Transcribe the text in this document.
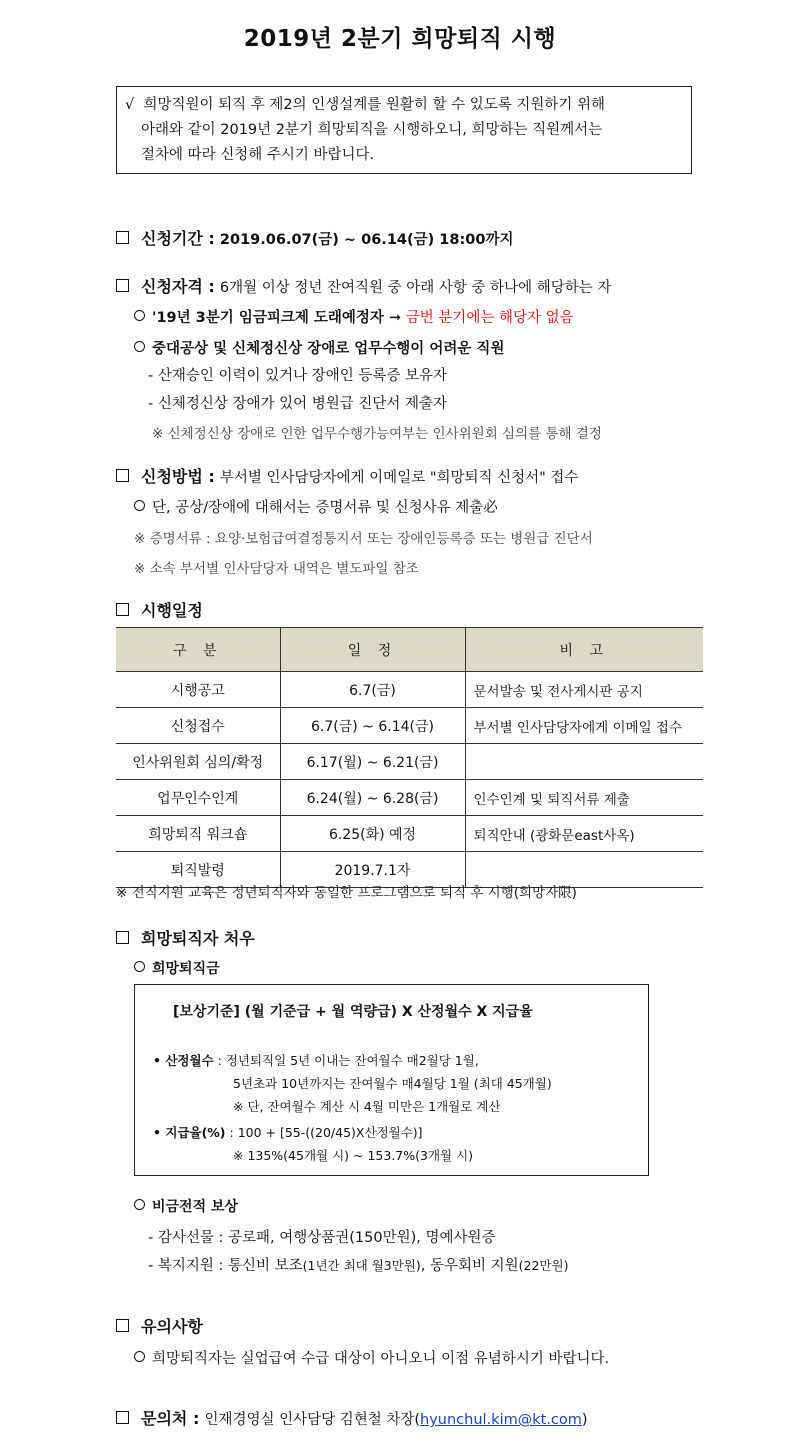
2019년 2분기 희망퇴직 시행
√ 희망직원이 퇴직 후 제2의 인생설계를 원활히 할 수 있도록 지원하기 위해
아래와 같이 2019년 2분기 희망퇴직을 시행하오니, 희망하는 직원께서는
절차에 따라 신청해 주시기 바랍니다.
신청기간 : 2019.06.07(금) ~ 06.14(금) 18:00까지
신청자격 : 6개월 이상 정년 잔여직원 중 아래 사항 중 하나에 해당하는 자
'19년 3분기 임금피크제 도래예정자 ➞ 금번 분기에는 해당자 없음
중대공상 및 신체정신상 장애로 업무수행이 어려운 직원
- 산재승인 이력이 있거나 장애인 등록증 보유자
- 신체정신상 장애가 있어 병원급 진단서 제출자
※ 신체정신상 장애로 인한 업무수행가능여부는 인사위원회 심의를 통해 결정
신청방법 : 부서별 인사담당자에게 이메일로 "희망퇴직 신청서" 접수
단, 공상/장애에 대해서는 증명서류 및 신청사유 제출必
※ 증명서류 : 요양·보험급여결정통지서 또는 장애인등록증 또는 병원급 진단서
※ 소속 부서별 인사담당자 내역은 별도파일 참조
시행일정
구 분	일 정	비 고
시행공고	6.7(금)	문서발송 및 전사게시판 공지
신청접수	6.7(금) ~ 6.14(금)	부서별 인사담당자에게 이메일 접수
인사위원회 심의/확정	6.17(월) ~ 6.21(금)	
업무인수인계	6.24(월) ~ 6.28(금)	인수인계 및 퇴직서류 제출
희망퇴직 워크숍	6.25(화) 예정	퇴직안내 (광화문east사옥)
퇴직발령	2019.7.1자	
※ 전직지원 교육은 정년퇴직자와 동일한 프로그램으로 퇴직 후 시행(희망자限)
희망퇴직자 처우
희망퇴직금
[보상기준] (월 기준급 + 월 역량급) X 산정월수 X 지급율
• 산정월수 : 정년퇴직일 5년 이내는 잔여월수 매2월당 1월,
5년초과 10년까지는 잔여월수 매4월당 1월 (최대 45개월)
※ 단, 잔여월수 계산 시 4월 미만은 1개월로 계산
• 지급율(%) : 100 + [55-((20/45)X산정월수)]
※ 135%(45개월 시) ~ 153.7%(3개월 시)
비금전적 보상
- 감사선물 : 공로패, 여행상품권(150만원), 명예사원증
- 복지지원 : 통신비 보조(1년간 최대 월3만원), 동우회비 지원(22만원)
유의사항
희망퇴직자는 실업급여 수급 대상이 아니오니 이점 유념하시기 바랍니다.
문의처 : 인재경영실 인사담당 김현철 차장(hyunchul.kim@kt.com)
